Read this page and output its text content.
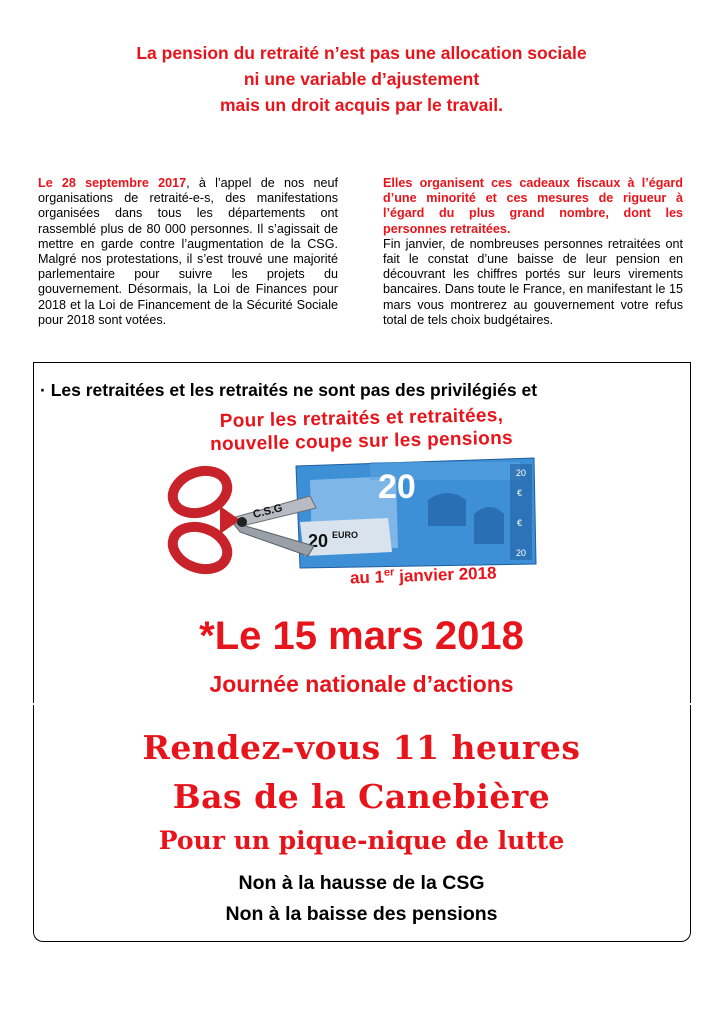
La pension du retraité n’est pas une allocation sociale
ni une variable d’ajustement
mais un droit acquis par le travail.
Le 28 septembre 2017, à l’appel de nos neuf organisations de retraité-e-s, des manifestations organisées dans tous les départements ont rassemblé plus de 80 000 personnes. Il s’agissait de mettre en garde contre l’augmentation de la CSG. Malgré nos protestations, il s’est trouvé une majorité parlementaire pour suivre les projets du gouvernement. Désormais, la Loi de Finances pour 2018 et la Loi de Financement de la Sécurité Sociale pour 2018 sont votées.
Elles organisent ces cadeaux fiscaux à l’égard d’une minorité et ces mesures de rigueur à l’égard du plus grand nombre, dont les personnes retraitées.
Fin janvier, de nombreuses personnes retraitées ont fait le constat d’une baisse de leur pension en découvrant les chiffres portés sur leurs virements bancaires. Dans toute le France, en manifestant le 15 mars vous montrerez au gouvernement votre refus total de tels choix budgétaires.
· Les retraitées et les retraités ne sont pas des privilégiés et
Pour les retraités et retraitées,
nouvelle coupe sur les pensions
20	20
20
€
€
20 EURO
C.S.G
au 1er janvier 2018
*Le 15 mars 2018
Journée nationale d’actions
Rendez-vous 11 heures
Bas de la Canebière
Pour un pique-nique de lutte
Non à la hausse de la CSG
Non à la baisse des pensions
